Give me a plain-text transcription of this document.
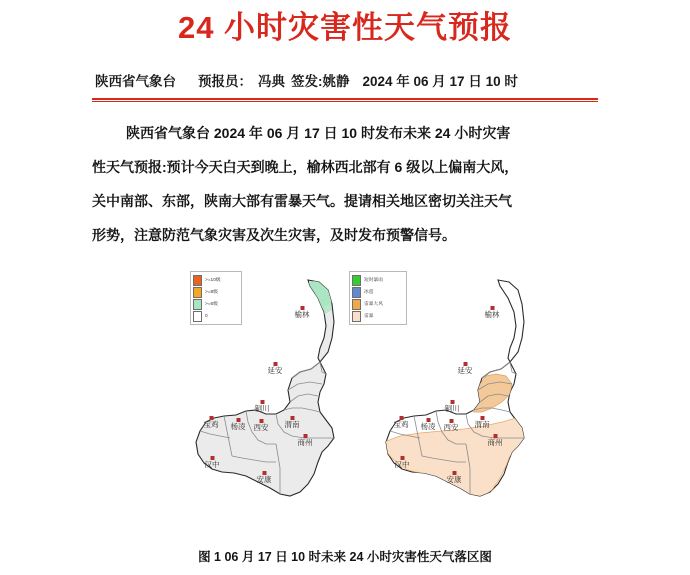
24 小时灾害性天气预报
陕西省气象台 预报员： 冯典 签发:姚静 2024 年 06 月 17 日 10 时
陕西省气象台 2024 年 06 月 17 日 10 时发布未来 24 小时灾害
性天气预报:预计今天白天到晚上，榆林西北部有 6 级以上偏南大风，
关中南部、东部，陕南大部有雷暴天气。提请相关地区密切关注天气
形势，注意防范气象灾害及次生灾害，及时发布预警信号。
>=10级
>=8级
>=6级
0	榆林
延安
铜川
渭南
西安
杨凌
宝鸡
商州
汉中
安康
短时暴雨
冰雹
雷暴大风
雷暴	榆林
延安
铜川
渭南
西安
杨凌
宝鸡
商州
汉中
安康
图 1 06 月 17 日 10 时未来 24 小时灾害性天气落区图
